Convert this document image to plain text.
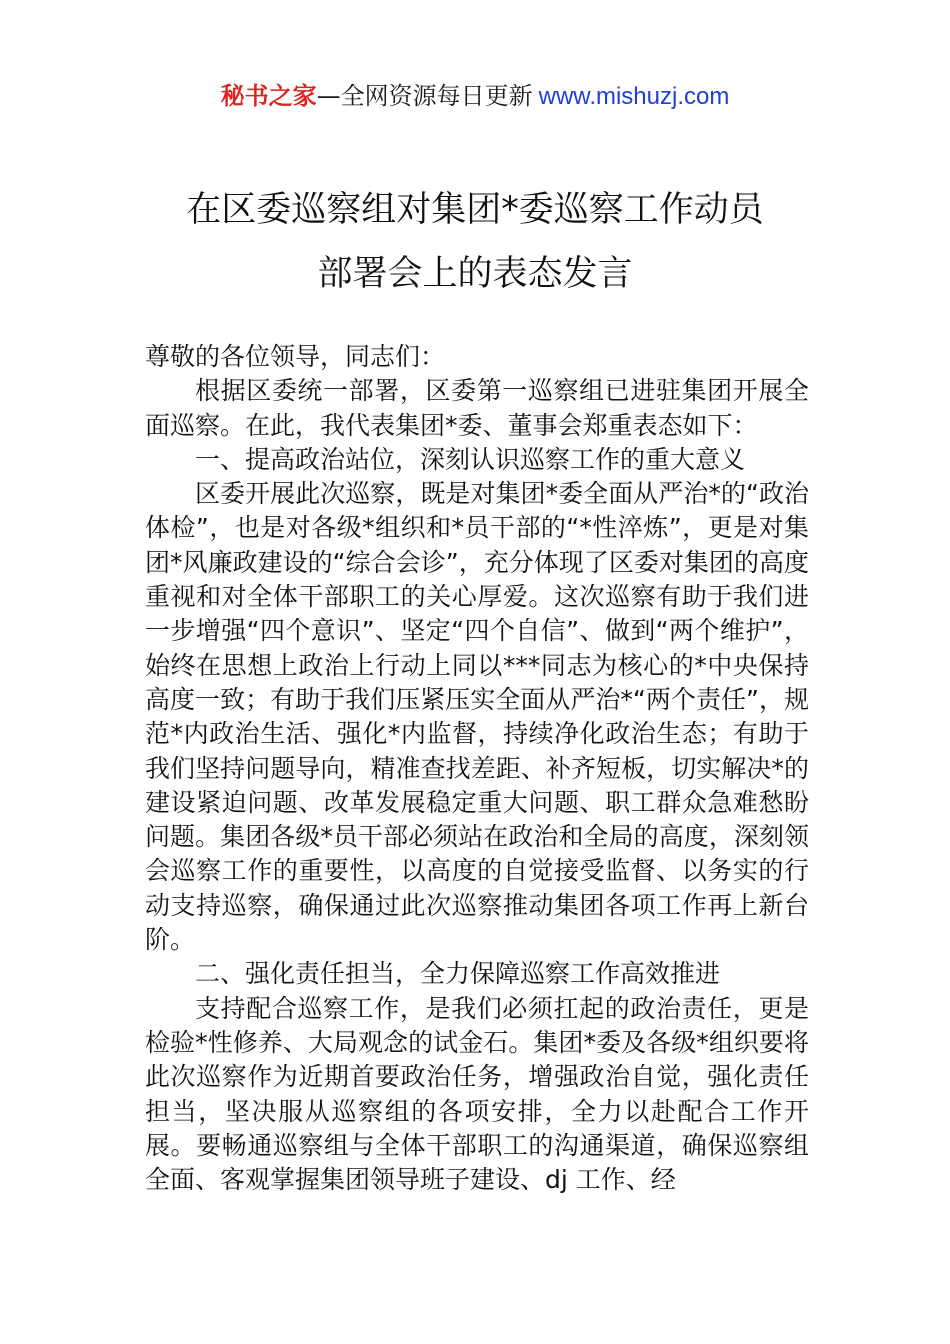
秘书之家—全网资源每日更新 www.mishuzj.com
在区委巡察组对集团*委巡察工作动员
部署会上的表态发言

尊敬的各位领导，同志们：

根据区委统一部署，区委第一巡察组已进驻集团开展全面巡察。在此，我代表集团*委、董事会郑重表态如下：

一、提高政治站位，深刻认识巡察工作的重大意义

区委开展此次巡察，既是对集团*委全面从严治*的“政治体检”，也是对各级*组织和*员干部的“*性淬炼”，更是对集团*风廉政建设的“综合会诊”，充分体现了区委对集团的高度重视和对全体干部职工的关心厚爱。这次巡察有助于我们进一步增强“四个意识”、坚定“四个自信”、做到“两个维护”，始终在思想上政治上行动上同以***同志为核心的*中央保持高度一致；有助于我们压紧压实全面从严治*“两个责任”，规范*内政治生活、强化*内监督，持续净化政治生态；有助于我们坚持问题导向，精准查找差距、补齐短板，切实解决*的建设紧迫问题、改革发展稳定重大问题、职工群众急难愁盼问题。集团各级*员干部必须站在政治和全局的高度，深刻领会巡察工作的重要性，以高度的自觉接受监督、以务实的行动支持巡察，确保通过此次巡察推动集团各项工作再上新台阶。

二、强化责任担当，全力保障巡察工作高效推进

支持配合巡察工作，是我们必须扛起的政治责任，更是检验*性修养、大局观念的试金石。集团*委及各级*组织要将此次巡察作为近期首要政治任务，增强政治自觉，强化责任担当，坚决服从巡察组的各项安排，全力以赴配合工作开展。要畅通巡察组与全体干部职工的沟通渠道，确保巡察组全面、客观掌握集团领导班子建设、dj 工作、经
